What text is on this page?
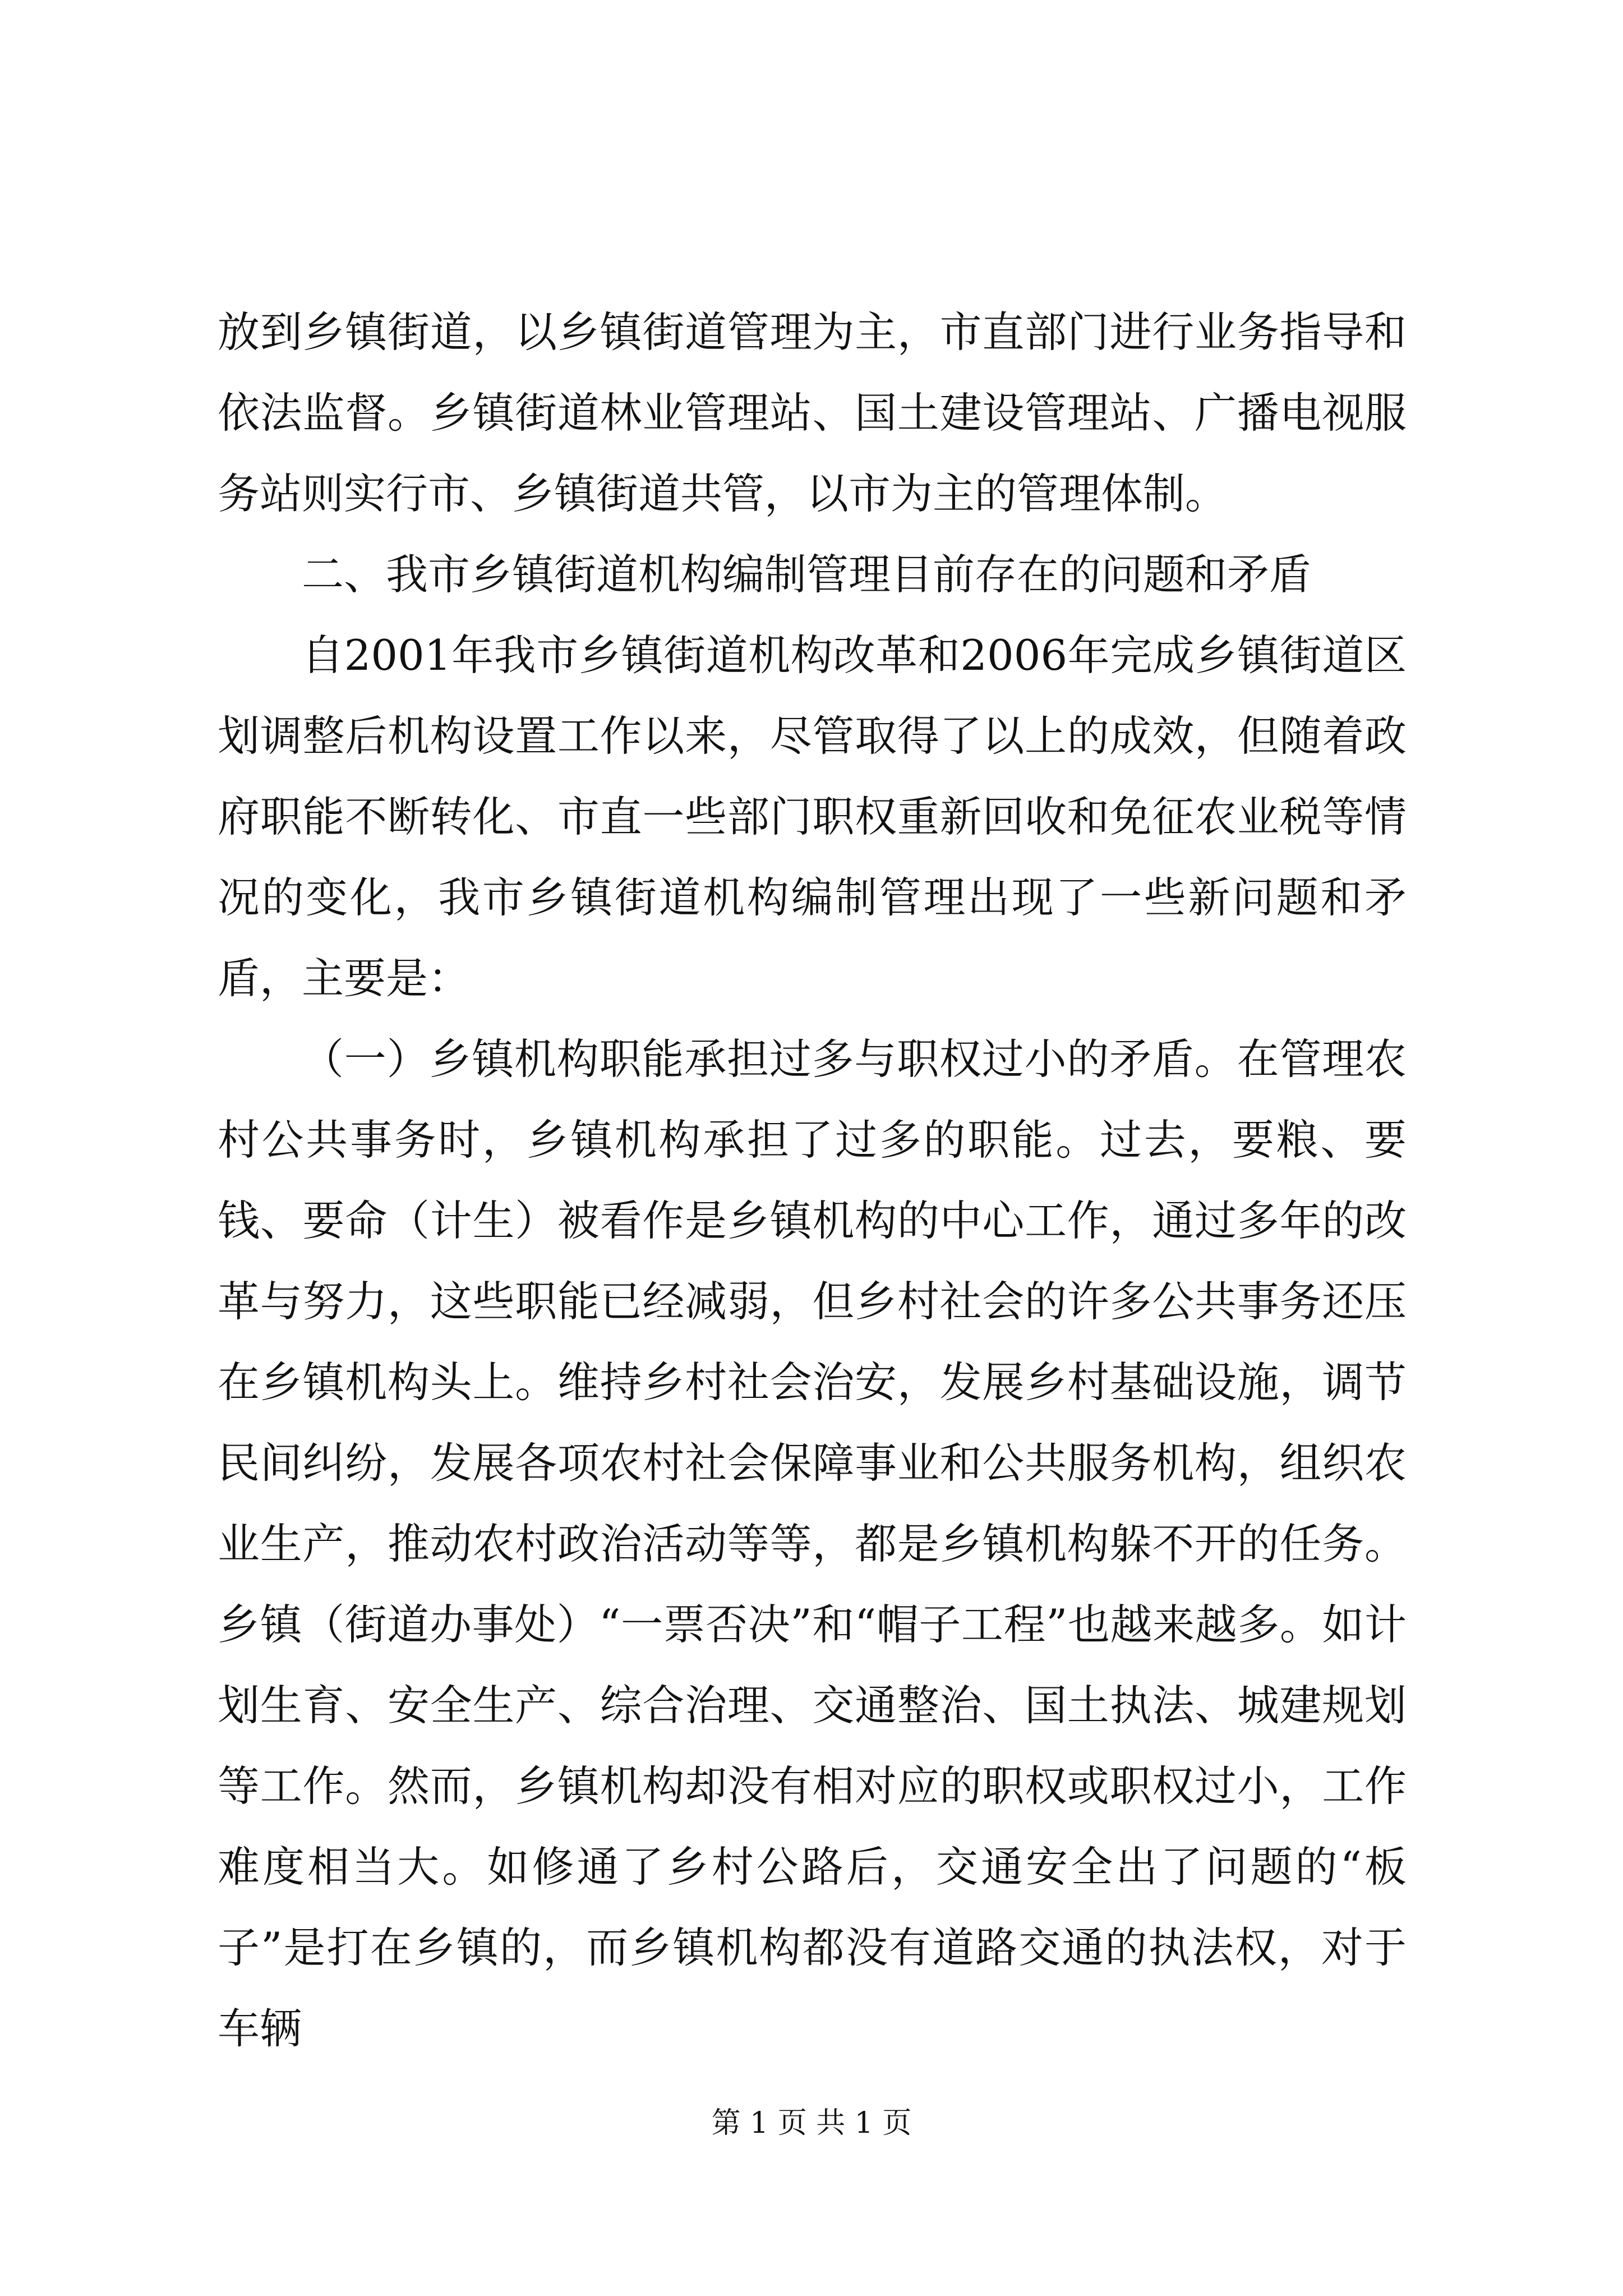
放到乡镇街道，以乡镇街道管理为主，市直部门进行业务指导和依法监督。乡镇街道林业管理站、国土建设管理站、广播电视服务站则实行市、乡镇街道共管，以市为主的管理体制。

二、我市乡镇街道机构编制管理目前存在的问题和矛盾

自2001年我市乡镇街道机构改革和2006年完成乡镇街道区划调整后机构设置工作以来，尽管取得了以上的成效，但随着政府职能不断转化、市直一些部门职权重新回收和免征农业税等情况的变化，我市乡镇街道机构编制管理出现了一些新问题和矛盾，主要是：

（一）乡镇机构职能承担过多与职权过小的矛盾。在管理农村公共事务时，乡镇机构承担了过多的职能。过去，要粮、要钱、要命（计生）被看作是乡镇机构的中心工作，通过多年的改革与努力，这些职能已经减弱，但乡村社会的许多公共事务还压在乡镇机构头上。维持乡村社会治安，发展乡村基础设施，调节民间纠纷，发展各项农村社会保障事业和公共服务机构，组织农业生产，推动农村政治活动等等，都是乡镇机构躲不开的任务。乡镇（街道办事处）“一票否决”和“帽子工程”也越来越多。如计划生育、安全生产、综合治理、交通整治、国土执法、城建规划等工作。然而，乡镇机构却没有相对应的职权或职权过小，工作难度相当大。如修通了乡村公路后，交通安全出了问题的“板子”是打在乡镇的，而乡镇机构都没有道路交通的执法权，对于车辆

第 1 页 共 1 页
